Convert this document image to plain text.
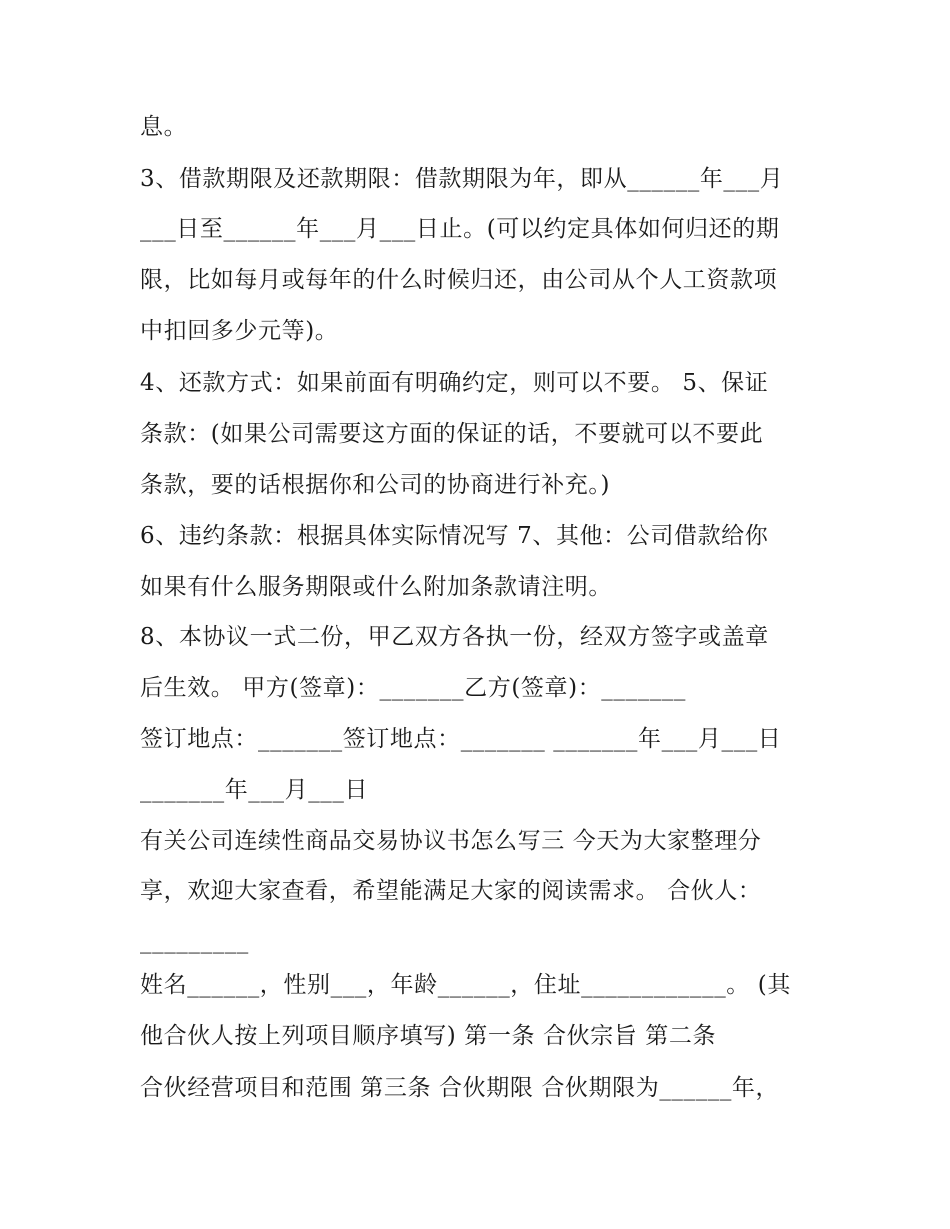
息。
3、借款期限及还款期限：借款期限为年，即从______年___月
___日至______年___月___日止。(可以约定具体如何归还的期
限，比如每月或每年的什么时候归还，由公司从个人工资款项
中扣回多少元等)。
4、还款方式：如果前面有明确约定，则可以不要。 5、保证
条款：(如果公司需要这方面的保证的话，不要就可以不要此
条款，要的话根据你和公司的协商进行补充。)
6、违约条款：根据具体实际情况写 7、其他：公司借款给你
如果有什么服务期限或什么附加条款请注明。
8、本协议一式二份，甲乙双方各执一份，经双方签字或盖章
后生效。 甲方(签章)：_______乙方(签章)：_______
签订地点：_______签订地点：_______ _______年___月___日
_______年___月___日
有关公司连续性商品交易协议书怎么写三 今天为大家整理分
享，欢迎大家查看，希望能满足大家的阅读需求。 合伙人：
_________
姓名______，性别___，年龄______，住址____________。 (其
他合伙人按上列项目顺序填写) 第一条 合伙宗旨 第二条
合伙经营项目和范围 第三条 合伙期限 合伙期限为______年，
